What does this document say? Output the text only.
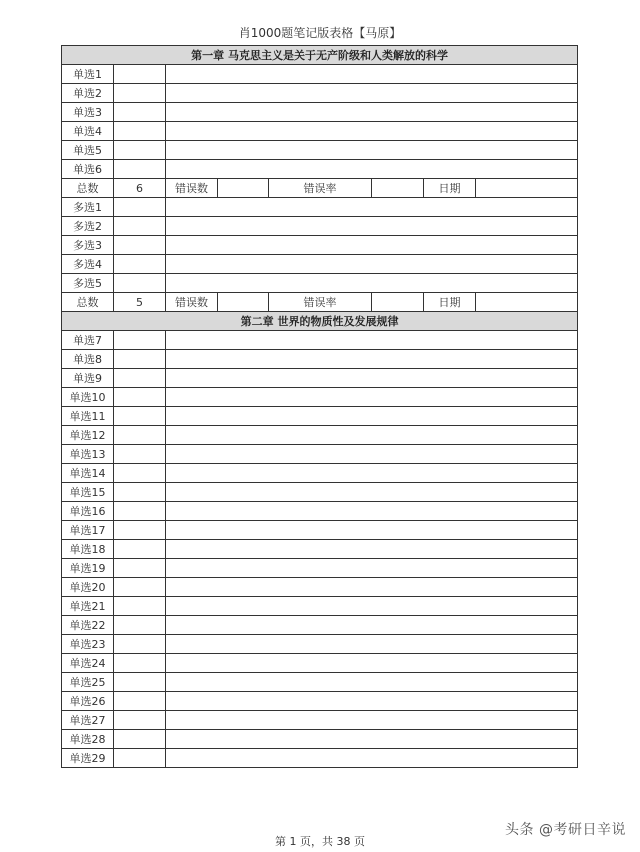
肖1000题笔记版表格【马原】
第一章 马克思主义是关于无产阶级和人类解放的科学							
单选1							
单选2							
单选3							
单选4							
单选5							
单选6							
总数	6	错误数		错误率		日期	
多选1							
多选2							
多选3							
多选4							
多选5							
总数	5	错误数		错误率		日期	
第二章 世界的物质性及发展规律							
单选7							
单选8							
单选9							
单选10							
单选11							
单选12							
单选13							
单选14							
单选15							
单选16							
单选17							
单选18							
单选19							
单选20							
单选21							
单选22							
单选23							
单选24							
单选25							
单选26							
单选27							
单选28							
单选29							
第 1 页，共 38 页
头条 @考研日辛说
